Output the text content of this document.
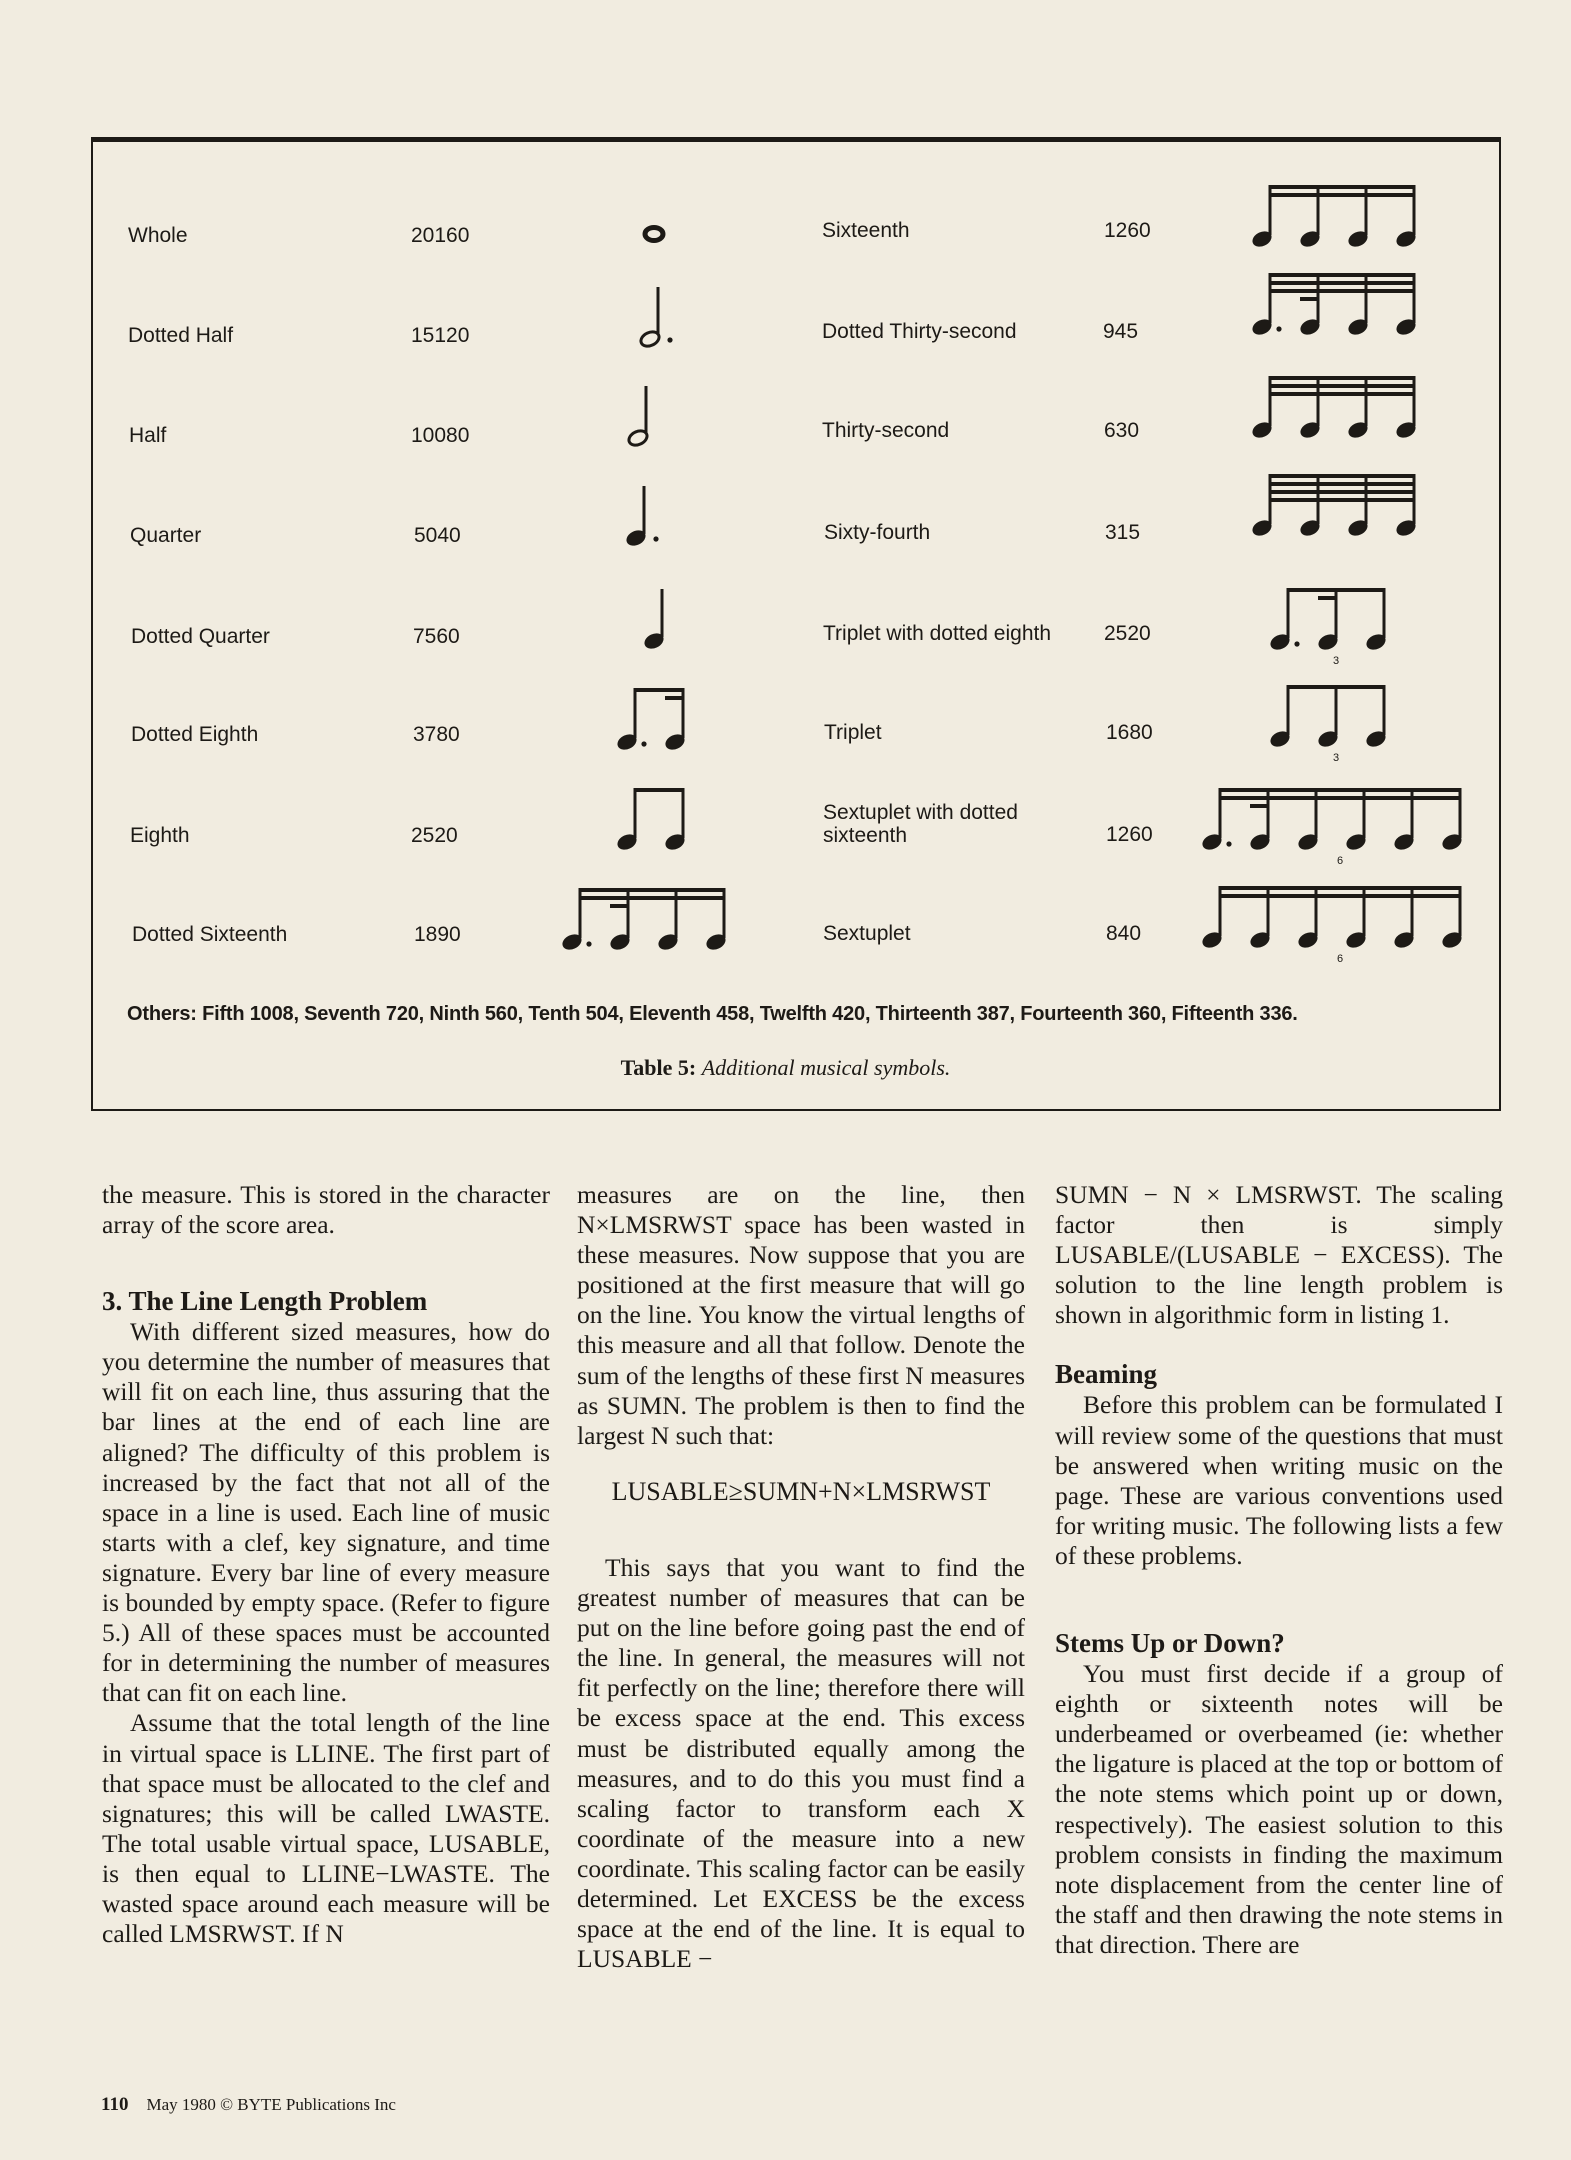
Whole	20160
Dotted Half	15120
Half	10080
Quarter	5040
Dotted Quarter	7560
Dotted Eighth	3780
Eighth	2520
Dotted Sixteenth	1890
Sixteenth	1260
Dotted Thirty-second	945
Thirty-second	630
Sixty-fourth	315
Triplet with dotted eighth	2520
Triplet	1680
Sextuplet with dotted
sixteenth	1260
Sextuplet	840
3
3
6
6
Others: Fifth 1008, Seventh 720, Ninth 560, Tenth 504, Eleventh 458, Twelfth 420, Thirteenth 387, Fourteenth 360, Fifteenth 336.
Table 5: Additional musical symbols.

the measure. This is stored in the character array of the score area.

3. The Line Length Problem

With different sized measures, how do you determine the number of measures that will fit on each line, thus assuring that the bar lines at the end of each line are aligned? The difficulty of this problem is increased by the fact that not all of the space in a line is used. Each line of music starts with a clef, key signature, and time signature. Every bar line of every measure is bounded by empty space. (Refer to figure 5.) All of these spaces must be accounted for in determining the number of measures that can fit on each line.

Assume that the total length of the line in virtual space is LLINE. The first part of that space must be allocated to the clef and signatures; this will be called LWASTE. The total usable virtual space, LUSABLE, is then equal to LLINE−LWASTE. The wasted space around each measure will be called LMSRWST. If N

measures are on the line, then N×LMSRWST space has been wasted in these measures. Now suppose that you are positioned at the first measure that will go on the line. You know the virtual lengths of this measure and all that follow. Denote the sum of the lengths of these first N measures as SUMN. The problem is then to find the largest N such that:

LUSABLE≥SUMN+N×LMSRWST

This says that you want to find the greatest number of measures that can be put on the line before going past the end of the line. In general, the measures will not fit perfectly on the line; therefore there will be excess space at the end. This excess must be distributed equally among the measures, and to do this you must find a scaling factor to transform each X coordinate of the measure into a new coordinate. This scaling factor can be easily determined. Let EXCESS be the excess space at the end of the line. It is equal to LUSABLE −

SUMN − N × LMSRWST. The scaling factor then is simply LUSABLE/(LUSABLE − EXCESS). The solution to the line length problem is shown in algorithmic form in listing 1.

Beaming

Before this problem can be formulated I will review some of the questions that must be answered when writing music on the page. These are various conventions used for writing music. The following lists a few of these problems.

Stems Up or Down?

You must first decide if a group of eighth or sixteenth notes will be underbeamed or overbeamed (ie: whether the ligature is placed at the top or bottom of the note stems which point up or down, respectively). The easiest solution to this problem consists in finding the maximum note displacement from the center line of the staff and then drawing the note stems in that direction. There are

110 May 1980 © BYTE Publications Inc
